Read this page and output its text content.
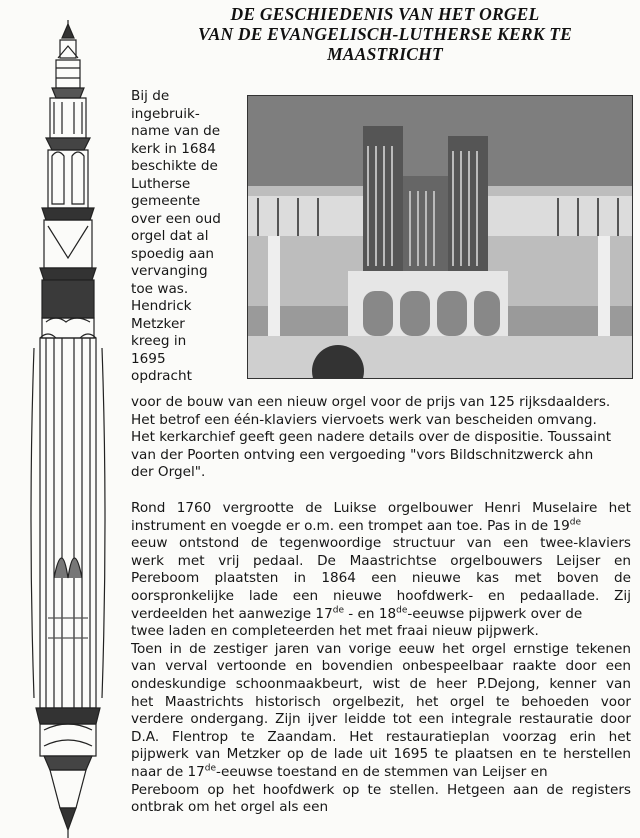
DE GESCHIEDENIS VAN HET ORGEL
VAN DE EVANGELISCH-LUTHERSE KERK TE
MAASTRICHT
Bij de
ingebruik-
name van de
kerk in 1684
beschikte de
Lutherse
gemeente
over een oud
orgel dat al
spoedig aan
vervanging
toe was.
Hendrick
Metzker
kreeg in
1695
opdracht
voor de bouw van een nieuw orgel voor de prijs van 125 rijksdaalders.
Het betrof een één-klaviers viervoets werk van bescheiden omvang.
Het kerkarchief geeft geen nadere details over de dispositie. Toussaint
van der Poorten ontving een vergoeding "vors Bildschnitzwerck ahn
der Orgel".
Rond 1760 vergrootte de Luikse orgelbouwer Henri Muselaire het
instrument en voegde er o.m. een trompet aan toe. Pas in de 19de
eeuw ontstond de tegenwoordige structuur van een twee-klaviers
werk met vrij pedaal. De Maastrichtse orgelbouwers Leijser en
Pereboom plaatsten in 1864 een nieuwe kas met boven de
oorspronkelijke lade een nieuwe hoofdwerk- en pedaallade. Zij
verdeelden het aanwezige 17de - en 18de-eeuwse pijpwerk over de
twee laden en completeerden het met fraai nieuw pijpwerk.
Toen in de zestiger jaren van vorige eeuw het orgel ernstige tekenen
van verval vertoonde en bovendien onbespeelbaar raakte door een
ondeskundige schoonmaakbeurt, wist de heer P.Dejong, kenner van
het Maastrichts historisch orgelbezit, het orgel te behoeden voor
verdere ondergang. Zijn ijver leidde tot een integrale restauratie door
D.A. Flentrop te Zaandam. Het restauratieplan voorzag erin het
pijpwerk van Metzker op de lade uit 1695 te plaatsen en te herstellen
naar de 17de-eeuwse toestand en de stemmen van Leijser en
Pereboom op het hoofdwerk op te stellen. Hetgeen aan de registers
ontbrak om het orgel als een
